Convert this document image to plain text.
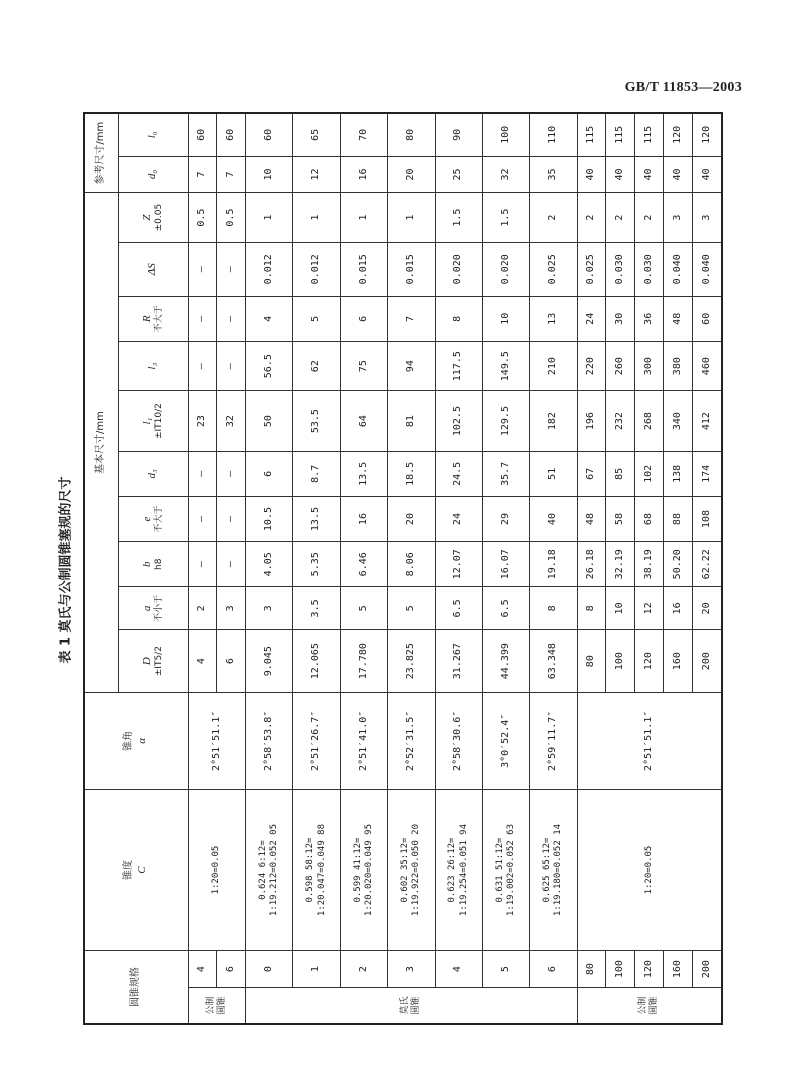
GB/T 11853—2003
表 1 莫氏与公制圆锥塞规的尺寸
圆锥规格		锥度 C	锥角 α	基本尺寸/mm										参考尺寸/mm	
				D ±IT5/2	a 不小于	b h8	e 不大于	d₃	l₁ ±IT10/2	l₃	R 不大于	ΔS	Z ±0.05	d₀	l₀
公制
圆锥	4	1:20=0.05	2°51′51.1″	4	2	—	—	—	23	—	—	—	0.5	7	60
	6			6	3	—	—	—	32	—	—	—	0.5	7	60
莫氏
圆锥	0	0.624 6:12=
1:19.212=0.052 05	2°58′53.8″	9.045	3	4.05	10.5	6	50	56.5	4	0.012	1	10	60
	1	0.598 58:12=
1:20.047=0.049 88	2°51′26.7″	12.065	3.5	5.35	13.5	8.7	53.5	62	5	0.012	1	12	65
	2	0.599 41:12=
1:20.020=0.049 95	2°51′41.0″	17.780	5	6.46	16	13.5	64	75	6	0.015	1	16	70
	3	0.602 35:12=
1:19.922=0.050 20	2°52′31.5″	23.825	5	8.06	20	18.5	81	94	7	0.015	1	20	80
	4	0.623 26:12=
1:19.254=0.051 94	2°58′30.6″	31.267	6.5	12.07	24	24.5	102.5	117.5	8	0.020	1.5	25	90
	5	0.631 51:12=
1:19.002=0.052 63	3°0′52.4″	44.399	6.5	16.07	29	35.7	129.5	149.5	10	0.020	1.5	32	100
	6	0.625 65:12=
1:19.180=0.052 14	2°59′11.7″	63.348	8	19.18	40	51	182	210	13	0.025	2	35	110
公制
圆锥	80	1:20=0.05	2°51′51.1″	80	8	26.18	48	67	196	220	24	0.025	2	40	115
	100			100	10	32.19	58	85	232	260	30	0.030	2	40	115
	120			120	12	38.19	68	102	268	300	36	0.030	2	40	115
	160			160	16	50.20	88	138	340	380	48	0.040	3	40	120
	200			200	20	62.22	108	174	412	460	60	0.040	3	40	120
